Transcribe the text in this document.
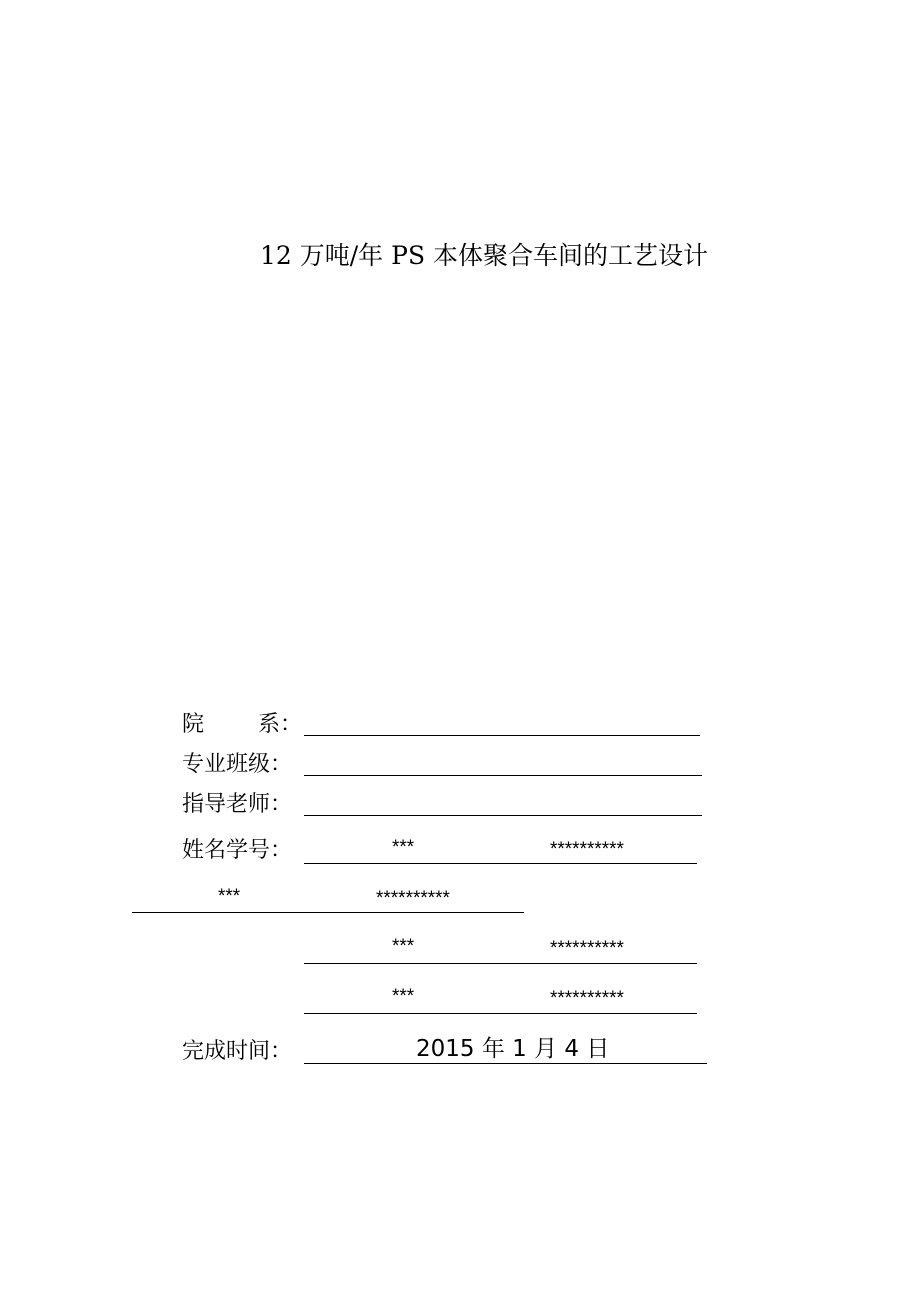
12 万吨/年 PS 本体聚合车间的工艺设计
院 系：
专业班级：
指导老师：
姓名学号：	***	**********
***	**********
***	**********
***	**********
完成时间：	2015 年 1 月 4 日
